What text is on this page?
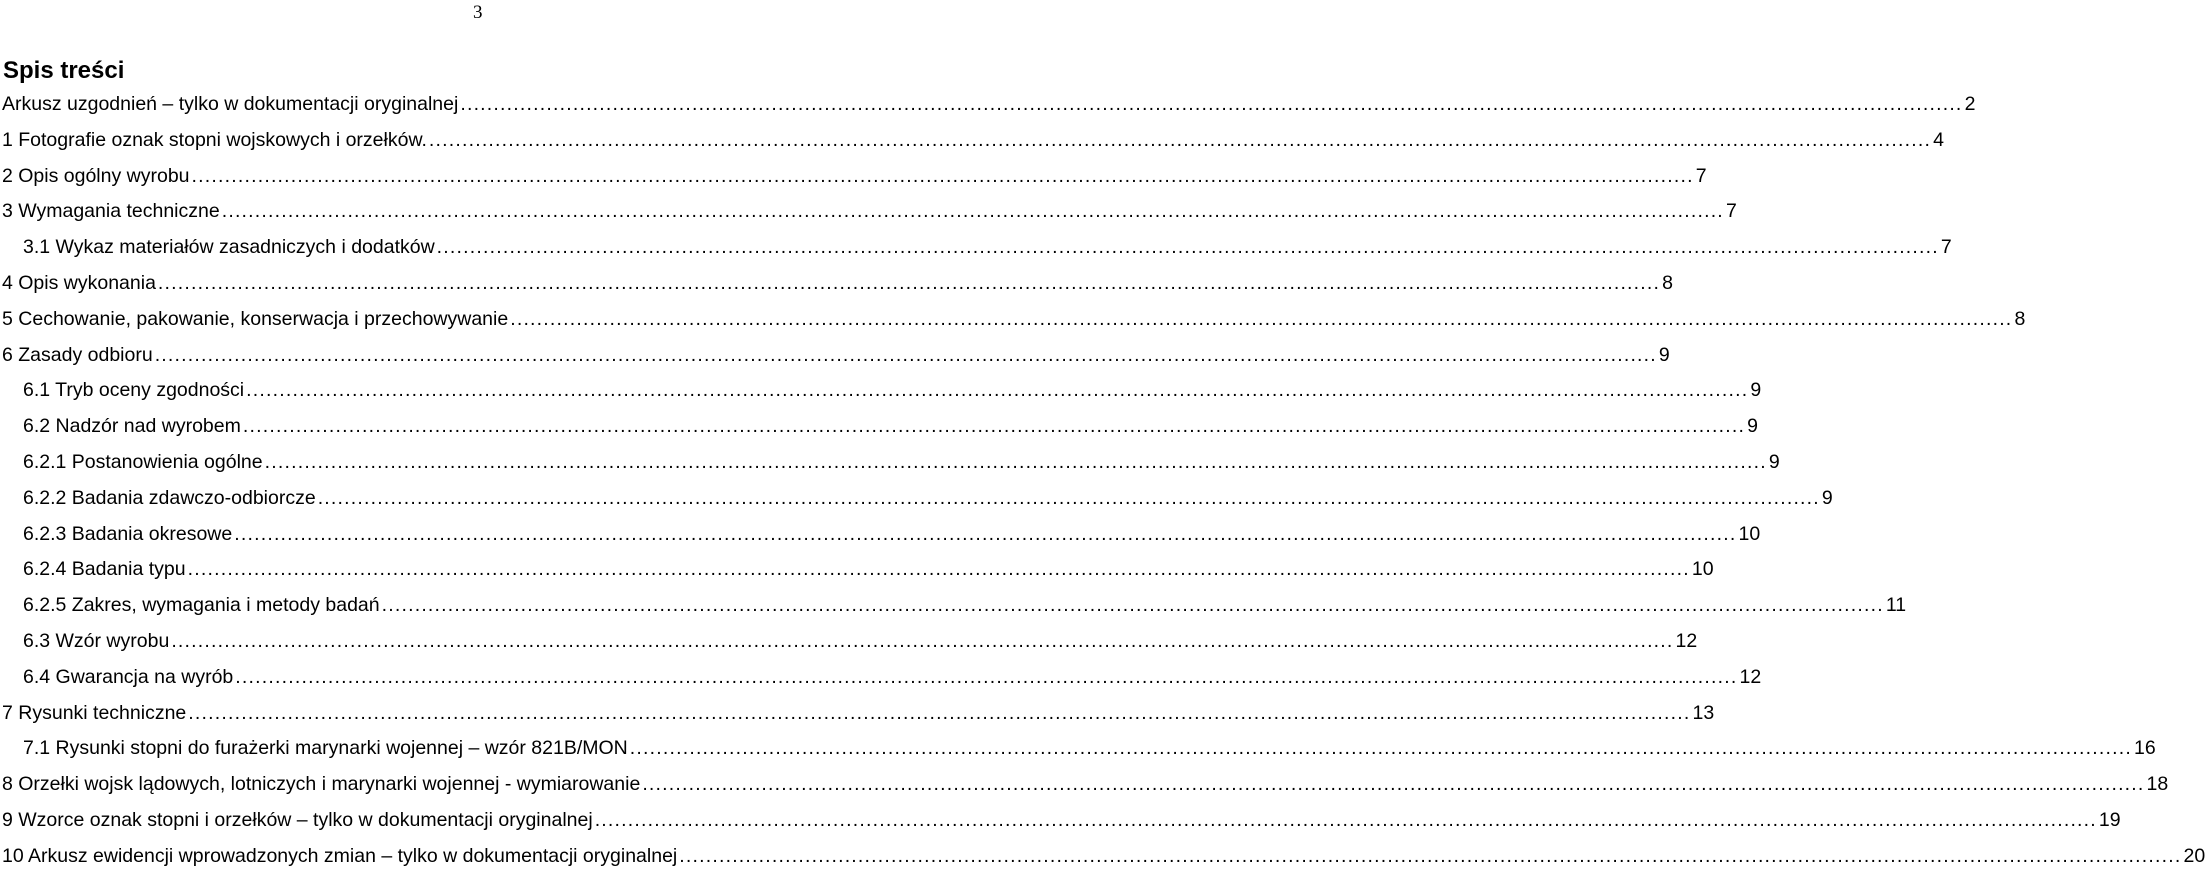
3
Spis treści
Arkusz uzgodnień – tylko w dokumentacji oryginalnej .....	2
1 Fotografie oznak stopni wojskowych i orzełków. .....	4
2 Opis ogólny wyrobu .....	7
3 Wymagania techniczne .....	7
3.1 Wykaz materiałów zasadniczych i dodatków .....	7
4 Opis wykonania .....	8
5 Cechowanie, pakowanie, konserwacja i przechowywanie .....	8
6 Zasady odbioru .....	9
6.1 Tryb oceny zgodności .....	9
6.2 Nadzór nad wyrobem .....	9
6.2.1 Postanowienia ogólne .....	9
6.2.2 Badania zdawczo-odbiorcze .....	9
6.2.3 Badania okresowe .....	10
6.2.4 Badania typu .....	10
6.2.5 Zakres, wymagania i metody badań .....	11
6.3 Wzór wyrobu .....	12
6.4 Gwarancja na wyrób .....	12
7 Rysunki techniczne .....	13
7.1 Rysunki stopni do furażerki marynarki wojennej – wzór 821B/MON .....	16
8 Orzełki wojsk lądowych, lotniczych i marynarki wojennej - wymiarowanie .....	18
9 Wzorce oznak stopni i orzełków – tylko w dokumentacji oryginalnej .....	19
10 Arkusz ewidencji wprowadzonych zmian – tylko w dokumentacji oryginalnej .....	20
